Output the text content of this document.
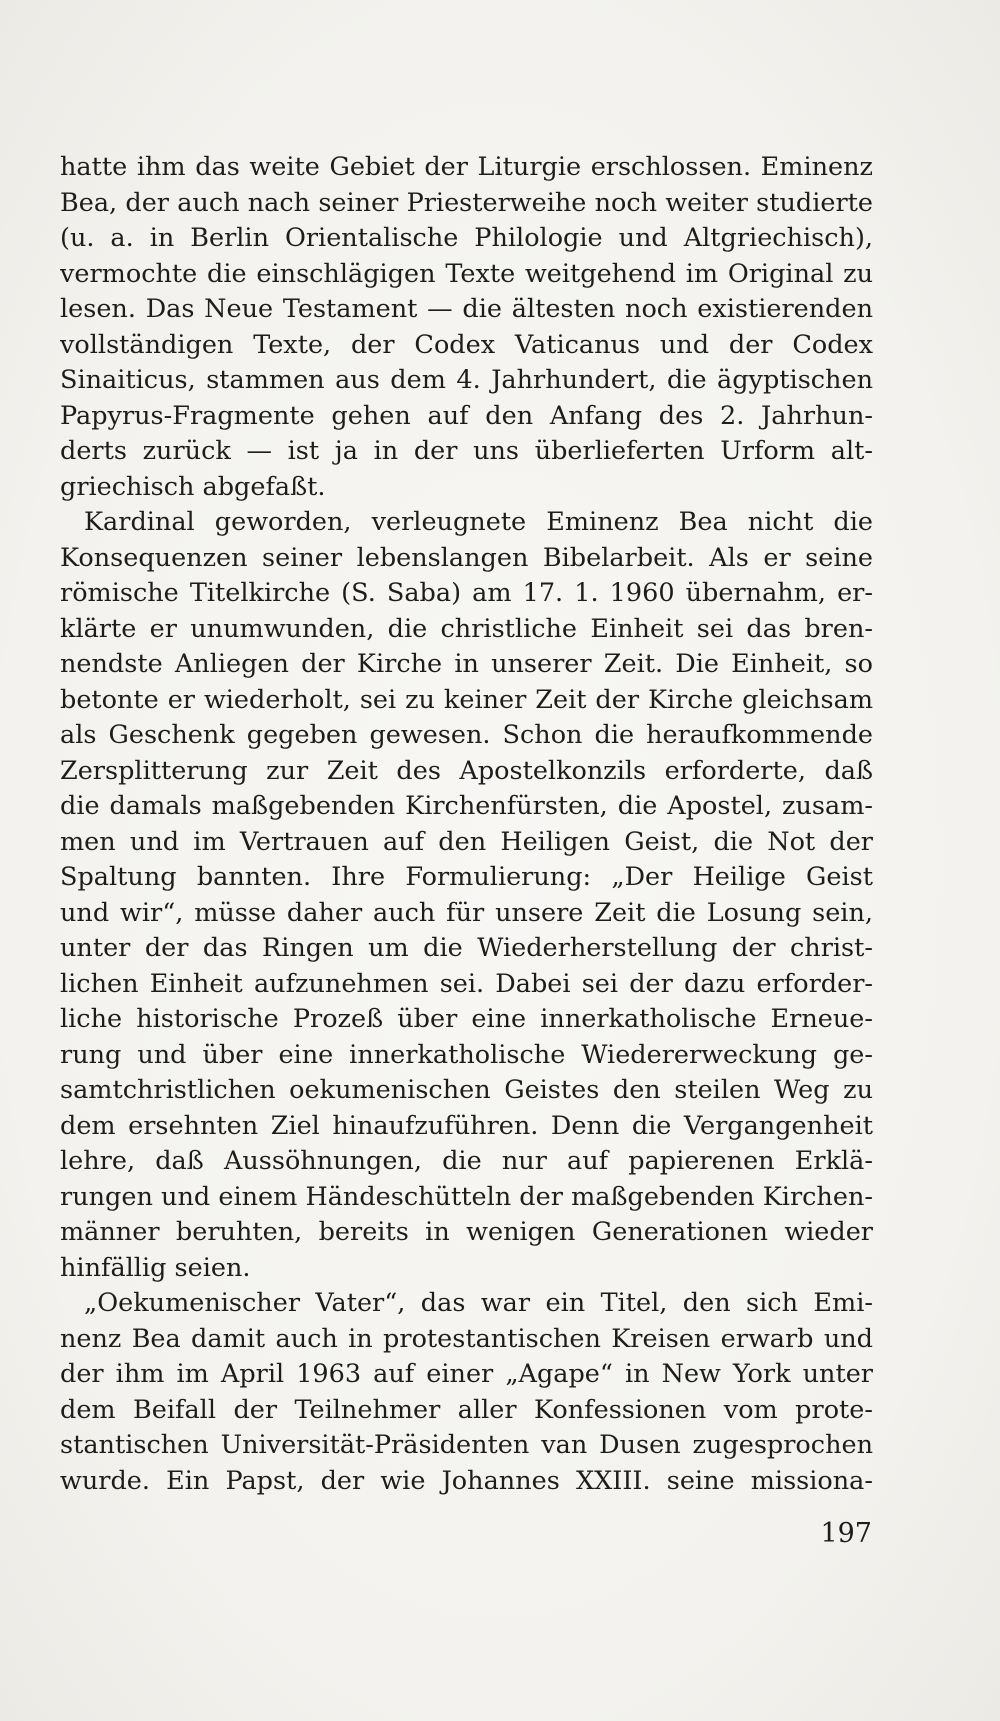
hatte ihm das weite Gebiet der Liturgie erschlossen. Eminenz
Bea, der auch nach seiner Priesterweihe noch weiter studierte
(u. a. in Berlin Orientalische Philologie und Altgriechisch),
vermochte die einschlägigen Texte weitgehend im Original zu
lesen. Das Neue Testament — die ältesten noch existierenden
vollständigen Texte, der Codex Vaticanus und der Codex
Sinaiticus, stammen aus dem 4. Jahrhundert, die ägyptischen
Papyrus-Fragmente gehen auf den Anfang des 2. Jahrhun-
derts zurück — ist ja in der uns überlieferten Urform alt-
griechisch abgefaßt.
Kardinal geworden, verleugnete Eminenz Bea nicht die
Konsequenzen seiner lebenslangen Bibelarbeit. Als er seine
römische Titelkirche (S. Saba) am 17. 1. 1960 übernahm, er-
klärte er unumwunden, die christliche Einheit sei das bren-
nendste Anliegen der Kirche in unserer Zeit. Die Einheit, so
betonte er wiederholt, sei zu keiner Zeit der Kirche gleichsam
als Geschenk gegeben gewesen. Schon die heraufkommende
Zersplitterung zur Zeit des Apostelkonzils erforderte, daß
die damals maßgebenden Kirchenfürsten, die Apostel, zusam-
men und im Vertrauen auf den Heiligen Geist, die Not der
Spaltung bannten. Ihre Formulierung: „Der Heilige Geist
und wir“, müsse daher auch für unsere Zeit die Losung sein,
unter der das Ringen um die Wiederherstellung der christ-
lichen Einheit aufzunehmen sei. Dabei sei der dazu erforder-
liche historische Prozeß über eine innerkatholische Erneue-
rung und über eine innerkatholische Wiedererweckung ge-
samtchristlichen oekumenischen Geistes den steilen Weg zu
dem ersehnten Ziel hinaufzuführen. Denn die Vergangenheit
lehre, daß Aussöhnungen, die nur auf papierenen Erklä-
rungen und einem Händeschütteln der maßgebenden Kirchen-
männer beruhten, bereits in wenigen Generationen wieder
hinfällig seien.
„Oekumenischer Vater“, das war ein Titel, den sich Emi-
nenz Bea damit auch in protestantischen Kreisen erwarb und
der ihm im April 1963 auf einer „Agape“ in New York unter
dem Beifall der Teilnehmer aller Konfessionen vom prote-
stantischen Universität-Präsidenten van Dusen zugesprochen
wurde. Ein Papst, der wie Johannes XXIII. seine missiona-
197
